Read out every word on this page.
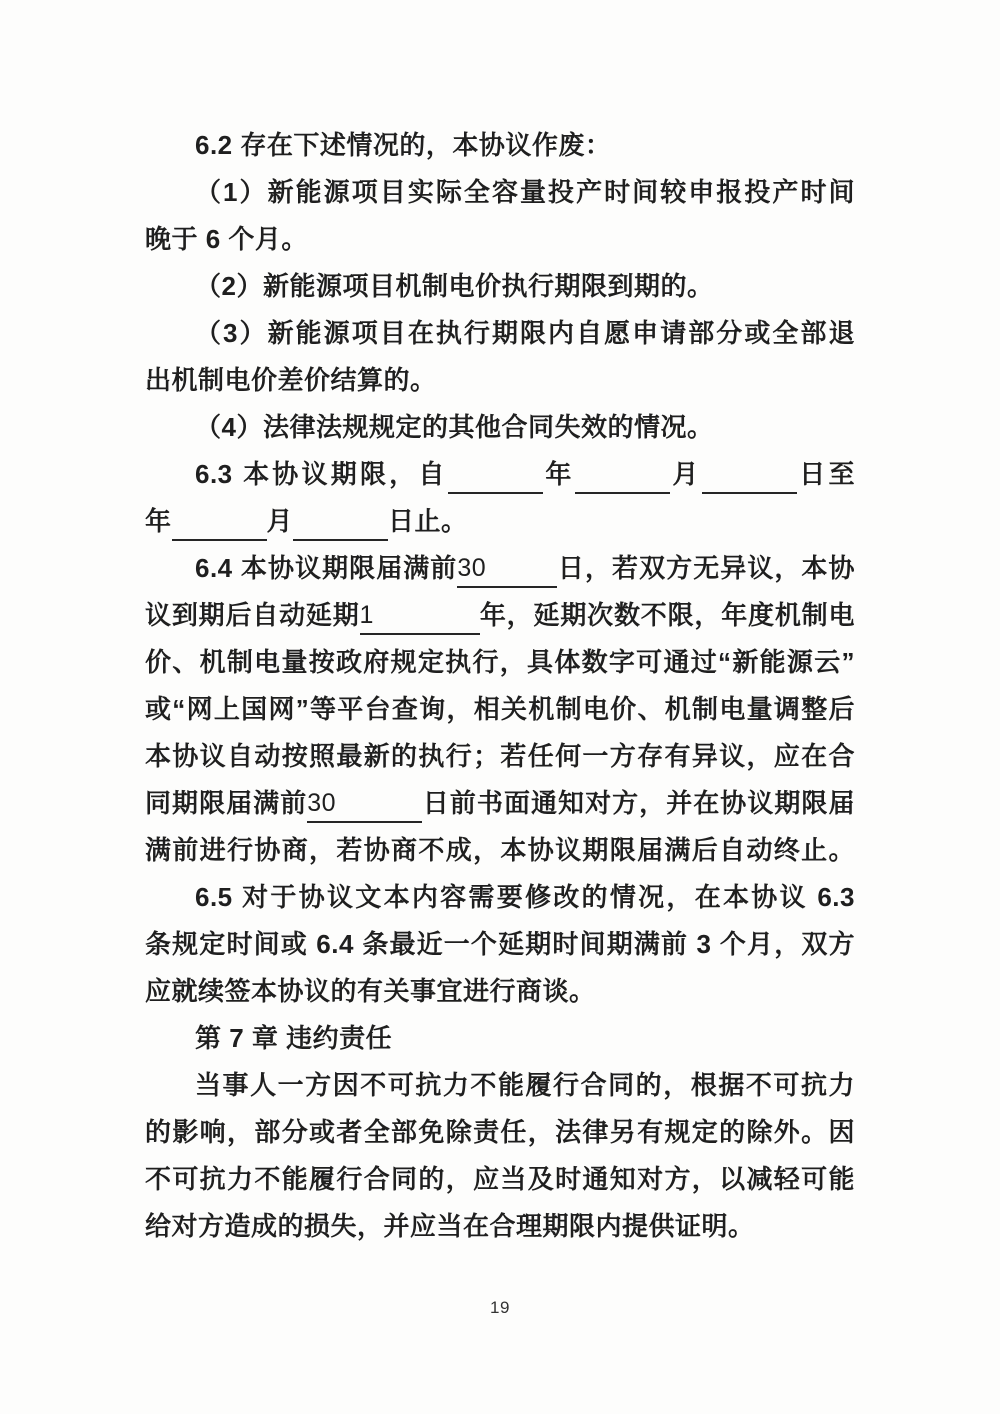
6.2 存在下述情况的，本协议作废：
（1）新能源项目实际全容量投产时间较申报投产时间
晚于 6 个月。
（2）新能源项目机制电价执行期限到期的。
（3）新能源项目在执行期限内自愿申请部分或全部退
出机制电价差价结算的。
（4）法律法规规定的其他合同失效的情况。
6.3 本协议期限，自	年	月	日至
年	月	日止。
6.4 本协议期限届满前30	日，若双方无异议，本协
议到期后自动延期1	年，延期次数不限，年度机制电
价、机制电量按政府规定执行，具体数字可通过“新能源云”
或“网上国网”等平台查询，相关机制电价、机制电量调整后
本协议自动按照最新的执行；若任何一方存有异议，应在合
同期限届满前30	日前书面通知对方，并在协议期限届
满前进行协商，若协商不成，本协议期限届满后自动终止。
6.5 对于协议文本内容需要修改的情况，在本协议 6.3
条规定时间或 6.4 条最近一个延期时间期满前 3 个月，双方
应就续签本协议的有关事宜进行商谈。
第 7 章 违约责任
当事人一方因不可抗力不能履行合同的，根据不可抗力
的影响，部分或者全部免除责任，法律另有规定的除外。因
不可抗力不能履行合同的，应当及时通知对方，以减轻可能
给对方造成的损失，并应当在合理期限内提供证明。
19
